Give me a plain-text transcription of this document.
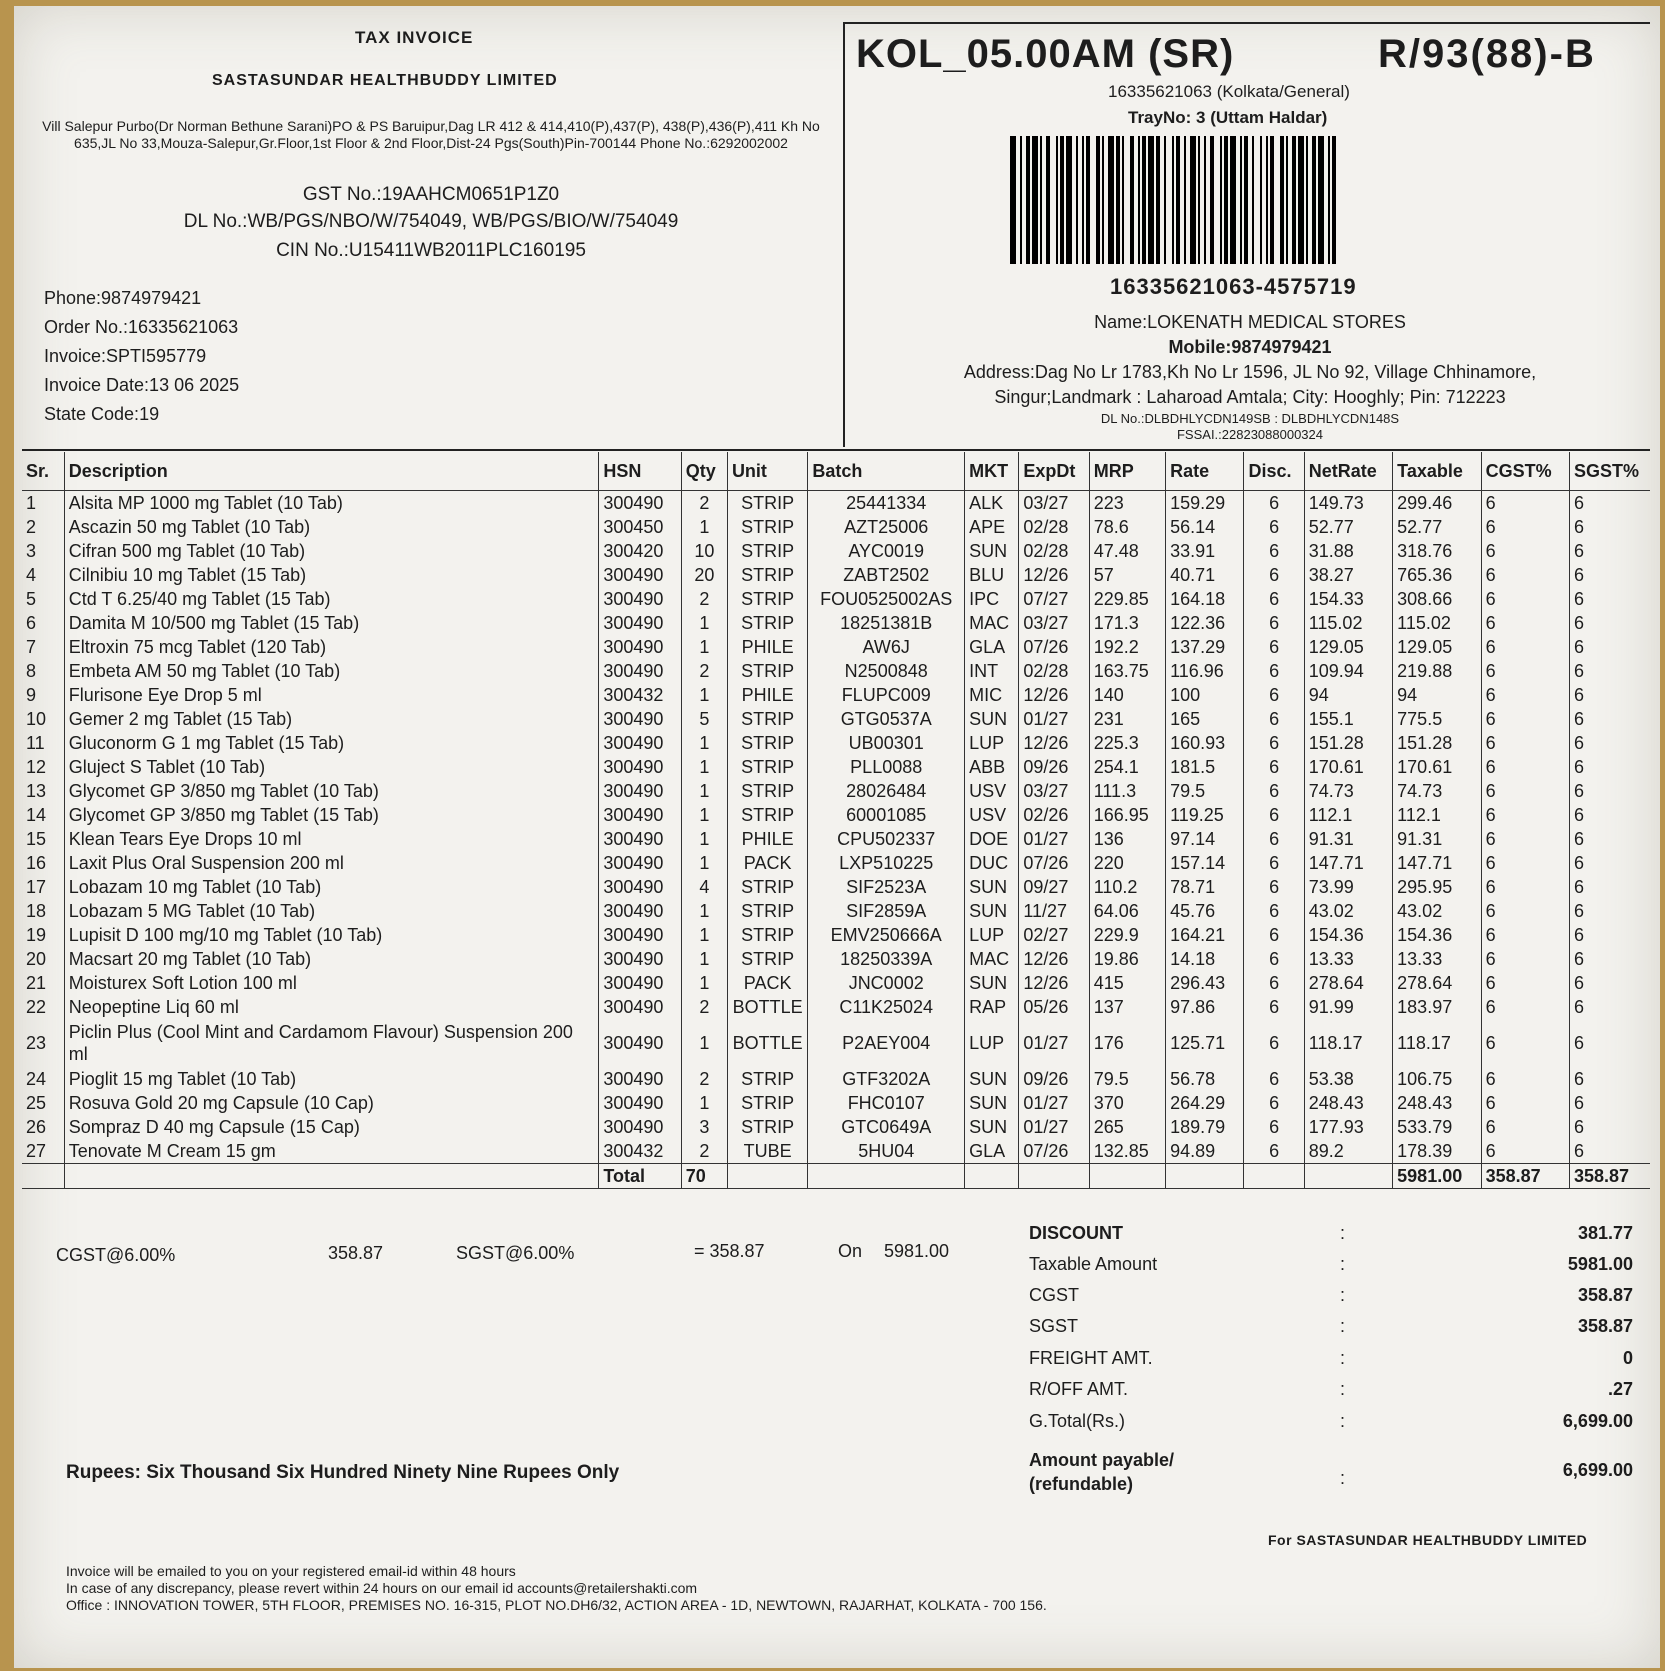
TAX INVOICE
SASTASUNDAR HEALTHBUDDY LIMITED
Vill Salepur Purbo(Dr Norman Bethune Sarani)PO & PS Baruipur,Dag LR 412 & 414,410(P),437(P), 438(P),436(P),411 Kh No 635,JL No 33,Mouza-Salepur,Gr.Floor,1st Floor & 2nd Floor,Dist-24 Pgs(South)Pin-700144 Phone No.:6292002002
GST No.:19AAHCM0651P1Z0
DL No.:WB/PGS/NBO/W/754049, WB/PGS/BIO/W/754049
CIN No.:U15411WB2011PLC160195
Phone:9874979421
Order No.:16335621063
Invoice:SPTI595779
Invoice Date:13 06 2025
State Code:19
KOL_05.00AM (SR)	R/93(88)-B
16335621063 (Kolkata/General)
TrayNo: 3 (Uttam Haldar)
16335621063-4575719
Name:LOKENATH MEDICAL STORES
Mobile:9874979421
Address:Dag No Lr 1783,Kh No Lr 1596, JL No 92, Village Chhinamore,
Singur;Landmark : Laharoad Amtala; City: Hooghly; Pin: 712223
DL No.:DLBDHLYCDN149SB : DLBDHLYCDN148S
FSSAI.:22823088000324
Sr.	Description	HSN	Qty	Unit	Batch	MKT	ExpDt	MRP	Rate	Disc.	NetRate	Taxable	CGST%	SGST%
1	Alsita MP 1000 mg Tablet (10 Tab)	300490	2	STRIP	25441334	ALK	03/27	223	159.29	6	149.73	299.46	6	6
2	Ascazin 50 mg Tablet (10 Tab)	300450	1	STRIP	AZT25006	APE	02/28	78.6	56.14	6	52.77	52.77	6	6
3	Cifran 500 mg Tablet (10 Tab)	300420	10	STRIP	AYC0019	SUN	02/28	47.48	33.91	6	31.88	318.76	6	6
4	Cilnibiu 10 mg Tablet (15 Tab)	300490	20	STRIP	ZABT2502	BLU	12/26	57	40.71	6	38.27	765.36	6	6
5	Ctd T 6.25/40 mg Tablet (15 Tab)	300490	2	STRIP	FOU0525002AS	IPC	07/27	229.85	164.18	6	154.33	308.66	6	6
6	Damita M 10/500 mg Tablet (15 Tab)	300490	1	STRIP	18251381B	MAC	03/27	171.3	122.36	6	115.02	115.02	6	6
7	Eltroxin 75 mcg Tablet (120 Tab)	300490	1	PHILE	AW6J	GLA	07/26	192.2	137.29	6	129.05	129.05	6	6
8	Embeta AM 50 mg Tablet (10 Tab)	300490	2	STRIP	N2500848	INT	02/28	163.75	116.96	6	109.94	219.88	6	6
9	Flurisone Eye Drop 5 ml	300432	1	PHILE	FLUPC009	MIC	12/26	140	100	6	94	94	6	6
10	Gemer 2 mg Tablet (15 Tab)	300490	5	STRIP	GTG0537A	SUN	01/27	231	165	6	155.1	775.5	6	6
11	Gluconorm G 1 mg Tablet (15 Tab)	300490	1	STRIP	UB00301	LUP	12/26	225.3	160.93	6	151.28	151.28	6	6
12	Gluject S Tablet (10 Tab)	300490	1	STRIP	PLL0088	ABB	09/26	254.1	181.5	6	170.61	170.61	6	6
13	Glycomet GP 3/850 mg Tablet (10 Tab)	300490	1	STRIP	28026484	USV	03/27	111.3	79.5	6	74.73	74.73	6	6
14	Glycomet GP 3/850 mg Tablet (15 Tab)	300490	1	STRIP	60001085	USV	02/26	166.95	119.25	6	112.1	112.1	6	6
15	Klean Tears Eye Drops 10 ml	300490	1	PHILE	CPU502337	DOE	01/27	136	97.14	6	91.31	91.31	6	6
16	Laxit Plus Oral Suspension 200 ml	300490	1	PACK	LXP510225	DUC	07/26	220	157.14	6	147.71	147.71	6	6
17	Lobazam 10 mg Tablet (10 Tab)	300490	4	STRIP	SIF2523A	SUN	09/27	110.2	78.71	6	73.99	295.95	6	6
18	Lobazam 5 MG Tablet (10 Tab)	300490	1	STRIP	SIF2859A	SUN	11/27	64.06	45.76	6	43.02	43.02	6	6
19	Lupisit D 100 mg/10 mg Tablet (10 Tab)	300490	1	STRIP	EMV250666A	LUP	02/27	229.9	164.21	6	154.36	154.36	6	6
20	Macsart 20 mg Tablet (10 Tab)	300490	1	STRIP	18250339A	MAC	12/26	19.86	14.18	6	13.33	13.33	6	6
21	Moisturex Soft Lotion 100 ml	300490	1	PACK	JNC0002	SUN	12/26	415	296.43	6	278.64	278.64	6	6
22	Neopeptine Liq 60 ml	300490	2	BOTTLE	C11K25024	RAP	05/26	137	97.86	6	91.99	183.97	6	6
23	Piclin Plus (Cool Mint and Cardamom Flavour) Suspension 200 ml	300490	1	BOTTLE	P2AEY004	LUP	01/27	176	125.71	6	118.17	118.17	6	6
24	Pioglit 15 mg Tablet (10 Tab)	300490	2	STRIP	GTF3202A	SUN	09/26	79.5	56.78	6	53.38	106.75	6	6
25	Rosuva Gold 20 mg Capsule (10 Cap)	300490	1	STRIP	FHC0107	SUN	01/27	370	264.29	6	248.43	248.43	6	6
26	Sompraz D 40 mg Capsule (15 Cap)	300490	3	STRIP	GTC0649A	SUN	01/27	265	189.79	6	177.93	533.79	6	6
27	Tenovate M Cream 15 gm	300432	2	TUBE	5HU04	GLA	07/26	132.85	94.89	6	89.2	178.39	6	6
		Total	70									5981.00	358.87	358.87
CGST@6.00%	358.87	SGST@6.00%	= 358.87	On 5981.00
DISCOUNT	:	381.77
Taxable Amount	:	5981.00
CGST	:	358.87
SGST	:	358.87
FREIGHT AMT.	:	0
R/OFF AMT.	:	.27
G.Total(Rs.)	:	6,699.00
Amount payable/ (refundable)	:	6,699.00
Rupees: Six Thousand Six Hundred Ninety Nine Rupees Only
For SASTASUNDAR HEALTHBUDDY LIMITED
Invoice will be emailed to you on your registered email-id within 48 hours
In case of any discrepancy, please revert within 24 hours on our email id accounts@retailershakti.com
Office : INNOVATION TOWER, 5TH FLOOR, PREMISES NO. 16-315, PLOT NO.DH6/32, ACTION AREA - 1D, NEWTOWN, RAJARHAT, KOLKATA - 700 156.
